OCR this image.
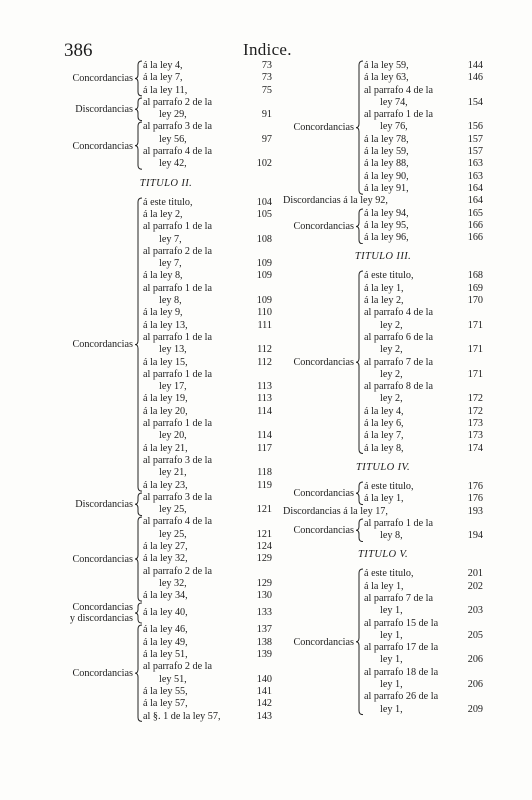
386	Indice.
Concordancias
á la ley 4,	73
á la ley 7,	73
á la ley 11,	75
Discordancias
al parrafo 2 de la
ley 29,	91
Concordancias
al parrafo 3 de la
ley 56,	97
al parrafo 4 de la
ley 42,	102
TITULO II.
Concordancias
á este titulo,	104
á la ley 2,	105
al parrafo 1 de la
ley 7,	108
al parrafo 2 de la
ley 7,	109
á la ley 8,	109
al parrafo 1 de la
ley 8,	109
á la ley 9,	110
á la ley 13,	111
al parrafo 1 de la
ley 13,	112
á la ley 15,	112
al parrafo 1 de la
ley 17,	113
á la ley 19,	113
á la ley 20,	114
al parrafo 1 de la
ley 20,	114
á la ley 21,	117
al parrafo 3 de la
ley 21,	118
á la ley 23,	119
Discordancias
al parrafo 3 de la
ley 25,	121
Concordancias
al parrafo 4 de la
ley 25,	121
á la ley 27,	124
á la ley 32,	129
al parrafo 2 de la
ley 32,	129
á la ley 34,	130
Concordancias
y discordancias
á la ley 40,	133
Concordancias
á la ley 46,	137
á la ley 49,	138
á la ley 51,	139
al parrafo 2 de la
ley 51,	140
á la ley 55,	141
á la ley 57,	142
al §. 1 de la ley 57,	143
Concordancias
á la ley 59,	144
á la ley 63,	146
al parrafo 4 de la
ley 74,	154
al parrafo 1 de la
ley 76,	156
á la ley 78,	157
á la ley 59,	157
á la ley 88,	163
á la ley 90,	163
á la ley 91,	164
Discordancias á la ley 92,	164
Concordancias
á la ley 94,	165
á la ley 95,	166
á la ley 96,	166
TITULO III.
Concordancias
á este titulo,	168
á la ley 1,	169
á la ley 2,	170
al parrafo 4 de la
ley 2,	171
al parrafo 6 de la
ley 2,	171
al parrafo 7 de la
ley 2,	171
al parrafo 8 de la
ley 2,	172
á la ley 4,	172
á la ley 6,	173
á la ley 7,	173
á la ley 8,	174
TITULO IV.
Concordancias
á este titulo,	176
á la ley 1,	176
Discordancias á la ley 17,	193
Concordancias
al parrafo 1 de la
ley 8,	194
TITULO V.
Concordancias
á este titulo,	201
á la ley 1,	202
al parrafo 7 de la
ley 1,	203
al parrafo 15 de la
ley 1,	205
al parrafo 17 de la
ley 1,	206
al parrafo 18 de la
ley 1,	206
al parrafo 26 de la
ley 1,	209
